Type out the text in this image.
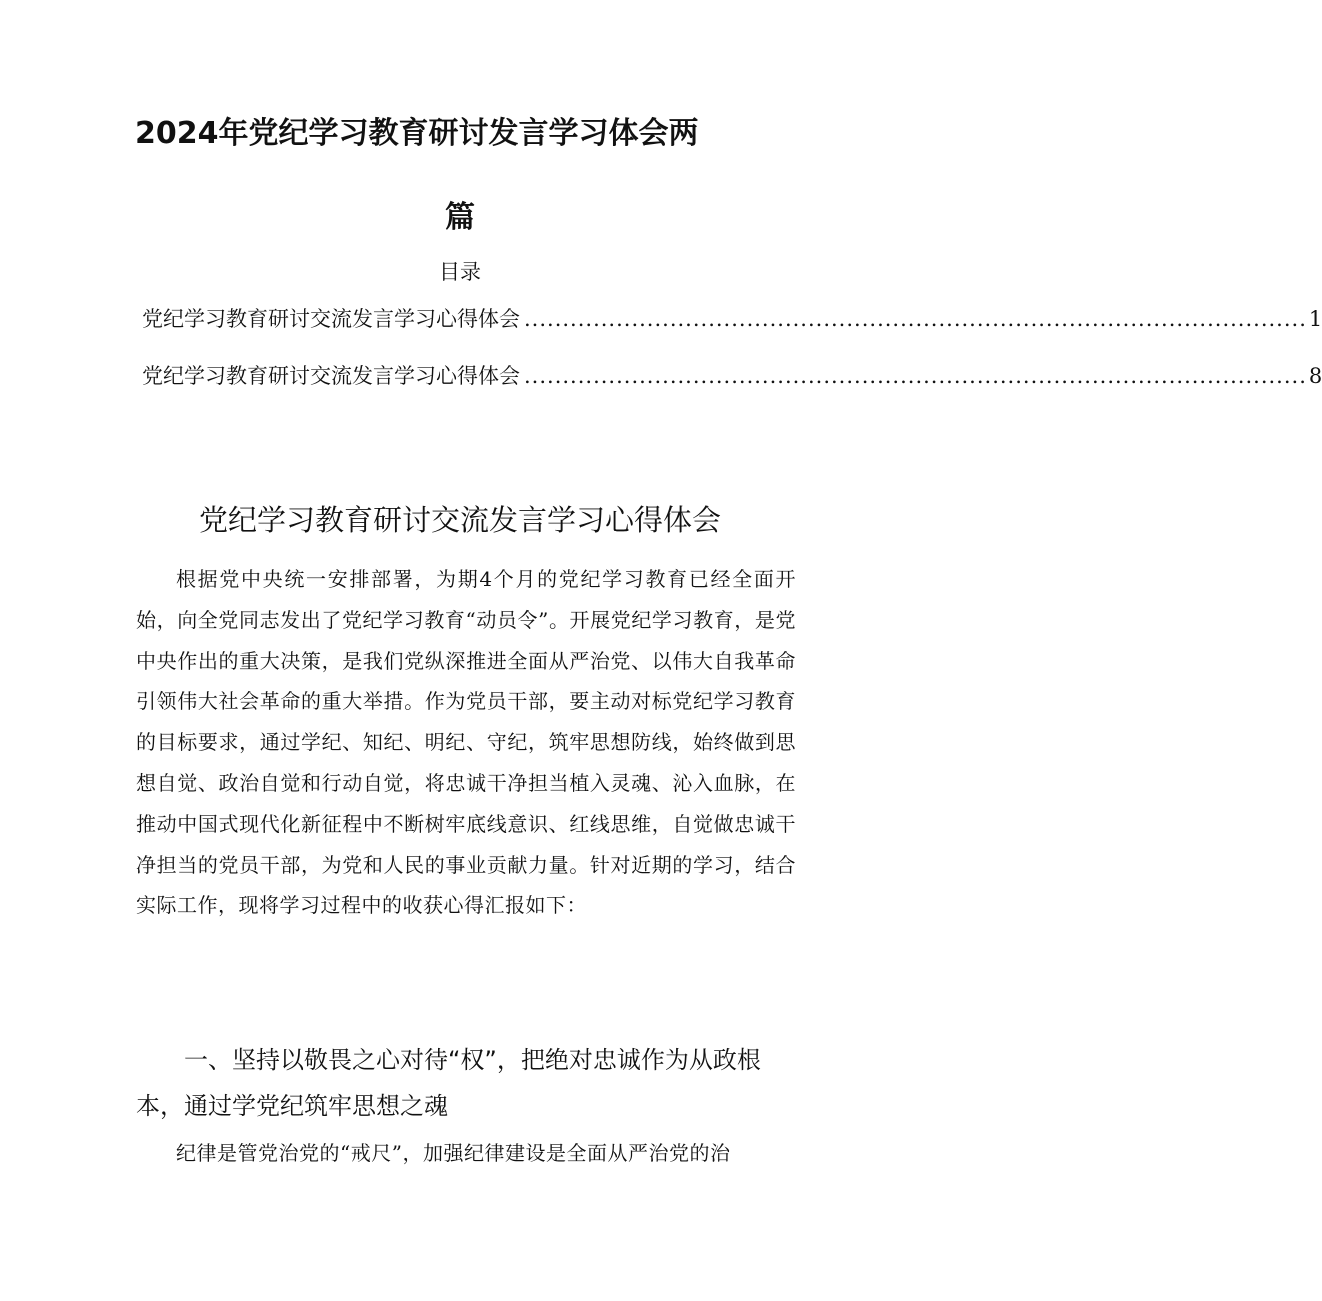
2024年党纪学习教育研讨发言学习体会两
篇
目录
党纪学习教育研讨交流发言学习心得体会 ...................................................................................................... 1
党纪学习教育研讨交流发言学习心得体会 ...................................................................................................... 8
党纪学习教育研讨交流发言学习心得体会

根据党中央统一安排部署，为期4个月的党纪学习教育已经全面开始，向全党同志发出了党纪学习教育“动员令”。开展党纪学习教育，是党中央作出的重大决策，是我们党纵深推进全面从严治党、以伟大自我革命引领伟大社会革命的重大举措。作为党员干部，要主动对标党纪学习教育的目标要求，通过学纪、知纪、明纪、守纪，筑牢思想防线，始终做到思想自觉、政治自觉和行动自觉，将忠诚干净担当植入灵魂、沁入血脉，在推动中国式现代化新征程中不断树牢底线意识、红线思维，自觉做忠诚干净担当的党员干部，为党和人民的事业贡献力量。针对近期的学习，结合实际工作，现将学习过程中的收获心得汇报如下：

一、坚持以敬畏之心对待“权”，把绝对忠诚作为从政根本，通过学党纪筑牢思想之魂

纪律是管党治党的“戒尺”，加强纪律建设是全面从严治党的治
